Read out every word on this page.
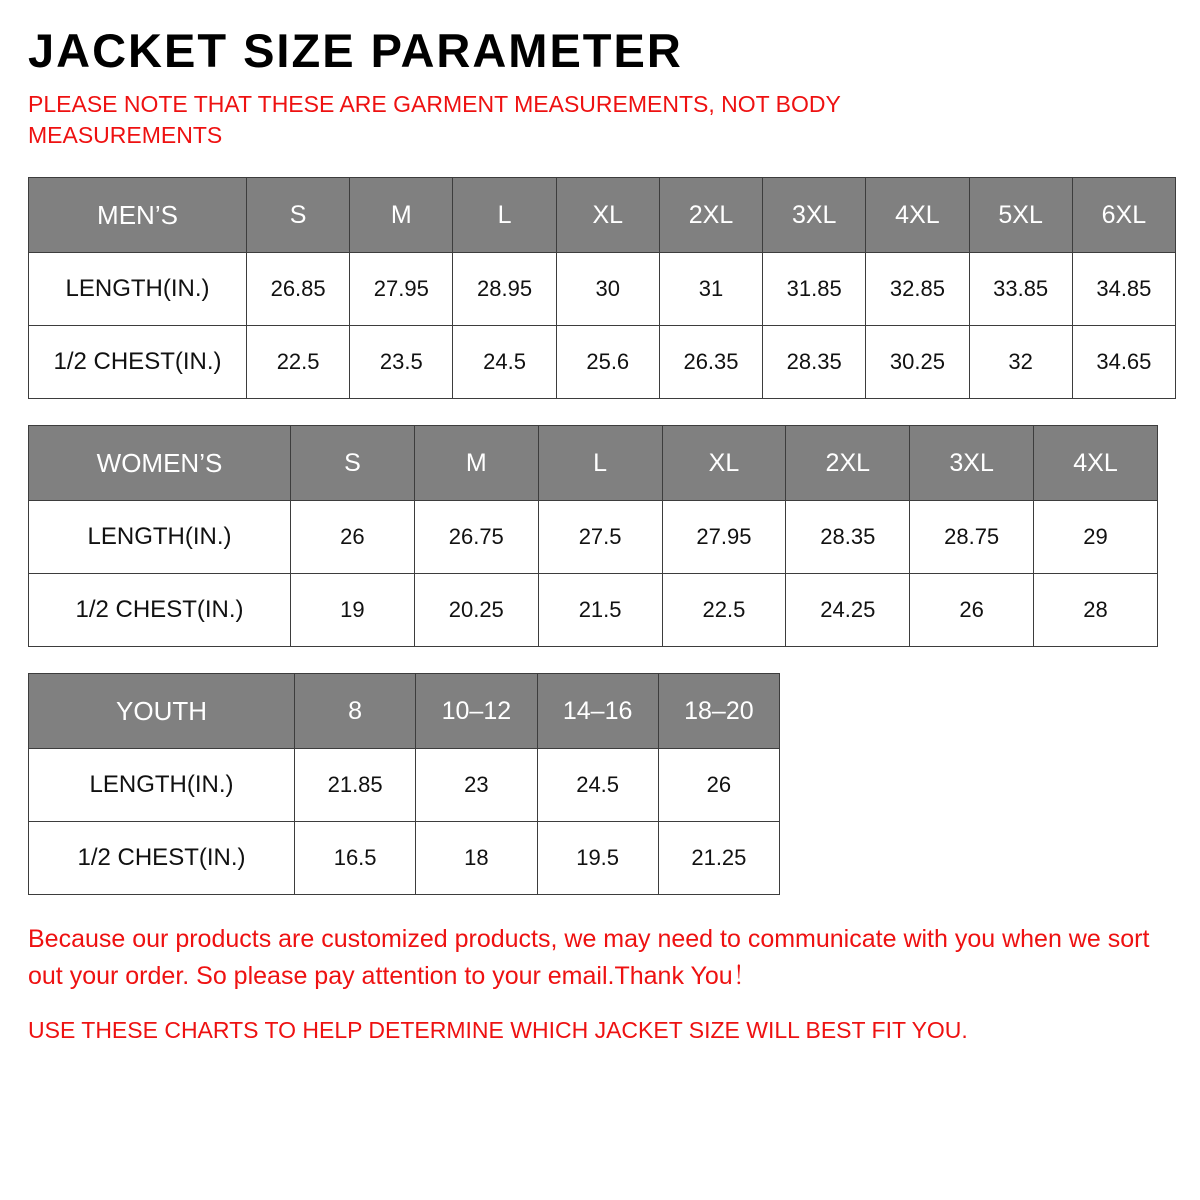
JACKET SIZE PARAMETER

PLEASE NOTE THAT THESE ARE GARMENT MEASUREMENTS, NOT BODY MEASUREMENTS

MEN’S	S	M	L	XL	2XL	3XL	4XL	5XL	6XL
LENGTH(IN.)	26.85	27.95	28.95	30	31	31.85	32.85	33.85	34.85
1/2 CHEST(IN.)	22.5	23.5	24.5	25.6	26.35	28.35	30.25	32	34.65
WOMEN’S	S	M	L	XL	2XL	3XL	4XL
LENGTH(IN.)	26	26.75	27.5	27.95	28.35	28.75	29
1/2 CHEST(IN.)	19	20.25	21.5	22.5	24.25	26	28
YOUTH	8	10–12	14–16	18–20
LENGTH(IN.)	21.85	23	24.5	26
1/2 CHEST(IN.)	16.5	18	19.5	21.25

Because our products are customized products, we may need to communicate with you when we sort out your order. So please pay attention to your email.Thank You！

USE THESE CHARTS TO HELP DETERMINE WHICH JACKET SIZE WILL BEST FIT YOU.
